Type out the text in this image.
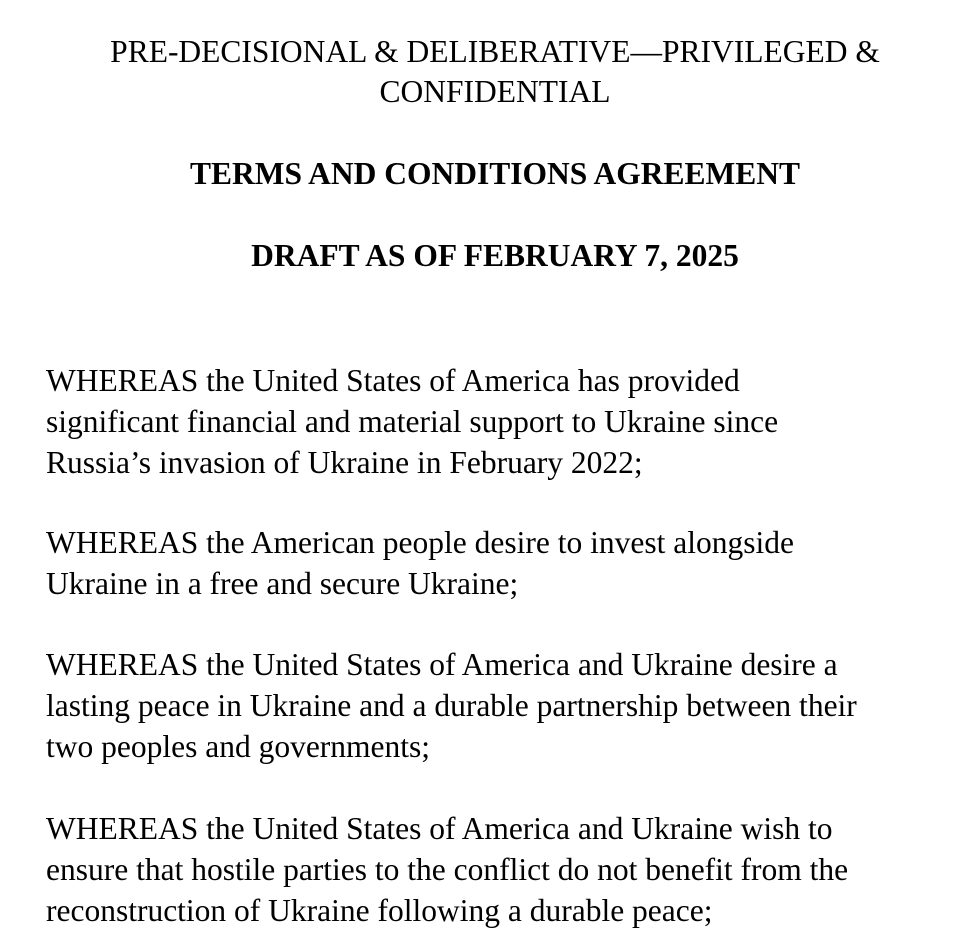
PRE-DECISIONAL & DELIBERATIVE—PRIVILEGED &
CONFIDENTIAL
TERMS AND CONDITIONS AGREEMENT
DRAFT AS OF FEBRUARY 7, 2025

WHEREAS the United States of America has provided
significant financial and material support to Ukraine since
Russia’s invasion of Ukraine in February 2022;

WHEREAS the American people desire to invest alongside
Ukraine in a free and secure Ukraine;

WHEREAS the United States of America and Ukraine desire a
lasting peace in Ukraine and a durable partnership between their
two peoples and governments;

WHEREAS the United States of America and Ukraine wish to
ensure that hostile parties to the conflict do not benefit from the
reconstruction of Ukraine following a durable peace;
